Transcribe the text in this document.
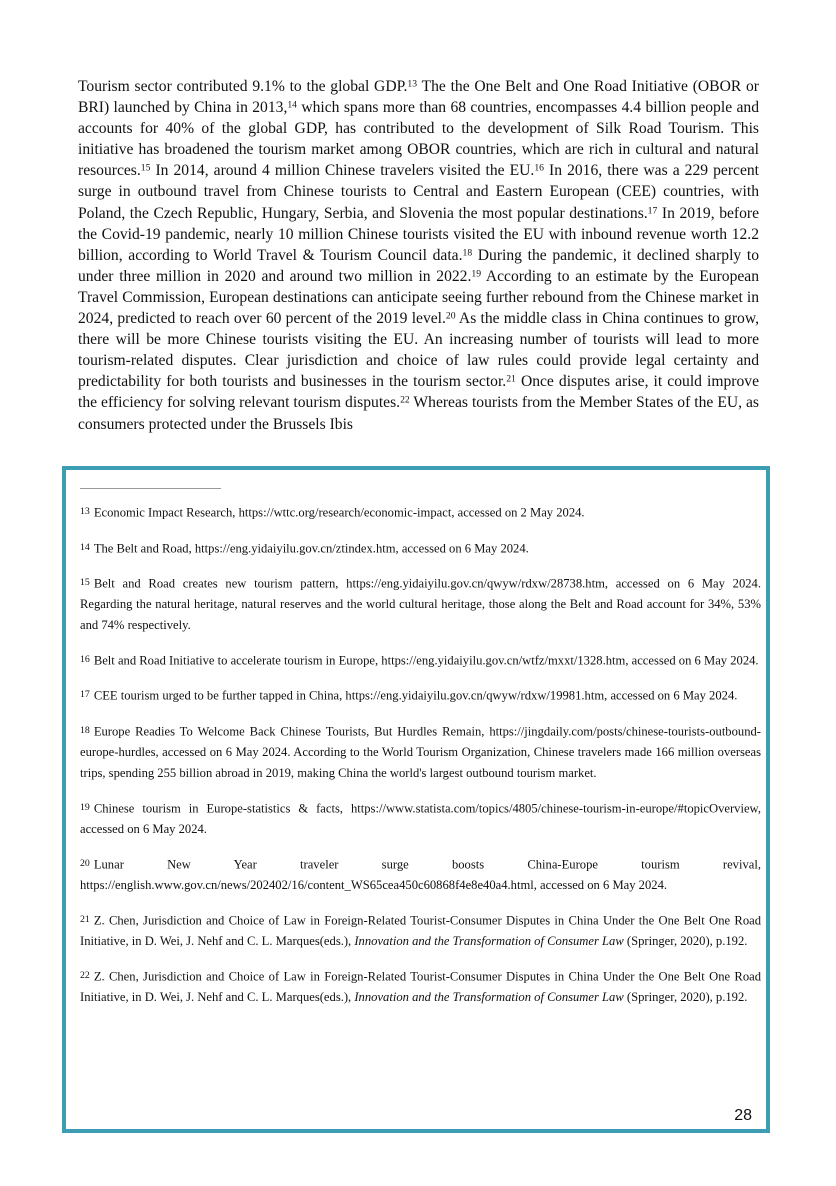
Tourism sector contributed 9.1% to the global GDP.$^{13}$ The the One Belt and One Road Initiative (OBOR or BRI) launched by China in 2013,14 which spans more than 68 countries, encompasses 4.4 billion people and accounts for 40% of the global GDP, has contributed to the development of Silk Road Tourism. This initiative has broadened the tourism market among OBOR countries, which are rich in cultural and natural resources.$^{15}$ In 2014, around 4 million Chinese travelers visited the EU.$^{16}$ In 2016, there was a 229 percent surge in outbound travel from Chinese tourists to Central and Eastern European (CEE) countries, with Poland, the Czech Republic, Hungary, Serbia, and Slovenia the most popular destinations.$^{17}$ In 2019, before the Covid-19 pandemic, nearly 10 million Chinese tourists visited the EU with inbound revenue worth 12.2 billion, according to World Travel & Tourism Council data.$^{18}$ During the pandemic, it declined sharply to under three million in 2020 and around two million in 2022.19 According to an estimate by the European Travel Commission, European destinations can anticipate seeing further rebound from the Chinese market in 2024, predicted to reach over 60 percent of the 2019 level.$^{20}$ As the middle class in China continues to grow, there will be more Chinese tourists visiting the EU. An increasing number of tourists will lead to more tourism-related disputes. Clear jurisdiction and choice of law rules could provide legal certainty and predictability for both tourists and businesses in the tourism sector.$^{21}$ Once disputes arise, it could improve the efficiency for solving relevant tourism disputes.$^{22}$ Whereas tourists from the Member States of the EU, as consumers protected under the Brussels Ibis

13 Economic Impact Research, https://wttc.org/research/economic-impact, accessed on 2 May 2024.
14 The Belt and Road, https://eng.yidaiyilu.gov.cn/ztindex.htm, accessed on 6 May 2024.
15 Belt and Road creates new tourism pattern, https://eng.yidaiyilu.gov.cn/qwyw/rdxw/28738.htm, accessed on 6 May 2024. Regarding the natural heritage, natural reserves and the world cultural heritage, those along the Belt and Road account for 34%, 53% and 74% respectively.
16 Belt and Road Initiative to accelerate tourism in Europe, https://eng.yidaiyilu.gov.cn/wtfz/mxxt/1328.htm, accessed on 6 May 2024.
17 CEE tourism urged to be further tapped in China, https://eng.yidaiyilu.gov.cn/qwyw/rdxw/19981.htm, accessed on 6 May 2024.
18 Europe Readies To Welcome Back Chinese Tourists, But Hurdles Remain, https://jingdaily.com/posts/chinese-tourists-outbound-europe-hurdles, accessed on 6 May 2024. According to the World Tourism Organization, Chinese travelers made 166 million overseas trips, spending 255 billion abroad in 2019, making China the world's largest outbound tourism market.
19 Chinese tourism in Europe-statistics & facts, https://www.statista.com/topics/4805/chinese-tourism-in-europe/#topicOverview, accessed on 6 May 2024.
20 Lunar New Year traveler surge boosts China-Europe tourism revival, https://english.www.gov.cn/news/202402/16/content_WS65cea450c60868f4e8e40a4.html, accessed on 6 May 2024.
21 Z. Chen, Jurisdiction and Choice of Law in Foreign-Related Tourist-Consumer Disputes in China Under the One Belt One Road Initiative, in D. Wei, J. Nehf and C. L. Marques(eds.), Innovation and the Transformation of Consumer Law (Springer, 2020), p.192.
22 Z. Chen, Jurisdiction and Choice of Law in Foreign-Related Tourist-Consumer Disputes in China Under the One Belt One Road Initiative, in D. Wei, J. Nehf and C. L. Marques(eds.), Innovation and the Transformation of Consumer Law (Springer, 2020), p.192.
28
